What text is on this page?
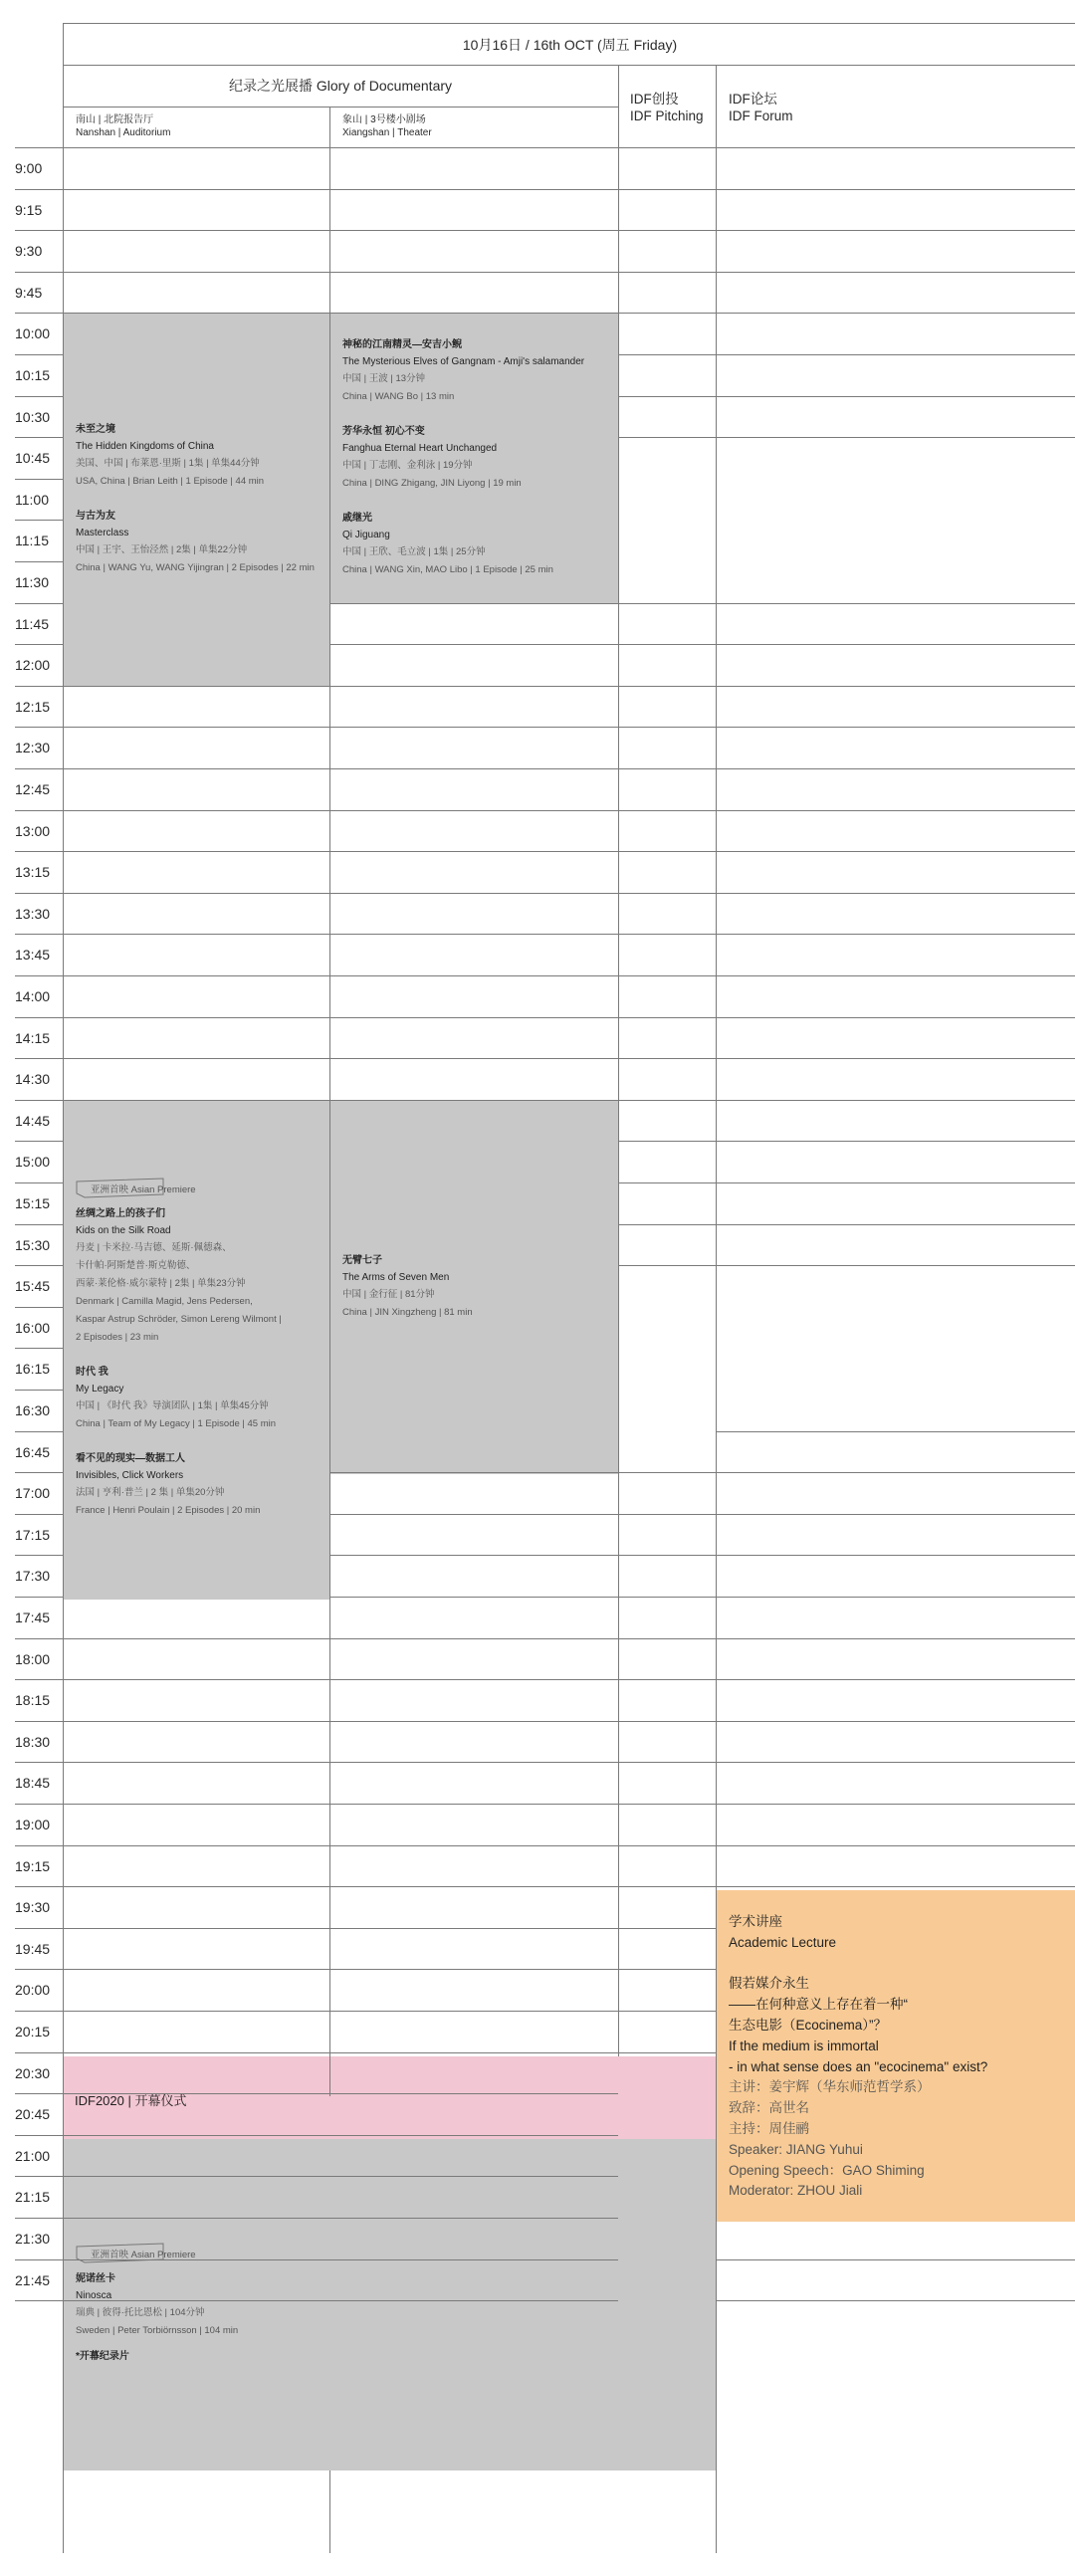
9:00
9:15
9:30
9:45
10:00
10:15
10:30
10:45
11:00
11:15
11:30
11:45
12:00
12:15
12:30
12:45
13:00
13:15
13:30
13:45
14:00
14:15
14:30
14:45
15:00
15:15
15:30
15:45
16:00
16:15
16:30
16:45
17:00
17:15
17:30
17:45
18:00
18:15
18:30
18:45
19:00
19:15
19:30
19:45
20:00
20:15
20:30
20:45
21:00
21:15
21:30
21:45
10月16日 / 16th OCT (周五 Friday)
纪录之光展播 Glory of Documentary
南山 | 北院报告厅
Nanshan | Auditorium
象山 | 3号楼小剧场
Xiangshan | Theater
IDF创投
IDF Pitching
IDF论坛
IDF Forum
未至之境
The Hidden Kingdoms of China
美国、中国 | 布莱恩·里斯 | 1集 | 单集44分钟
USA, China | Brian Leith | 1 Episode | 44 min
与古为友
Masterclass
中国 | 王宇、王怡泾然 | 2集 | 单集22分钟
China | WANG Yu, WANG Yijingran | 2 Episodes | 22 min
神秘的江南精灵—安吉小鲵
The Mysterious Elves of Gangnam - Amji's salamander
中国 | 王波 | 13分钟
China | WANG Bo | 13 min
芳华永恒 初心不变
Fanghua Eternal Heart Unchanged
中国 | 丁志刚、金利泳 | 19分钟
China | DING Zhigang, JIN Liyong | 19 min
戚继光
Qi Jiguang
中国 | 王欣、毛立波 | 1集 | 25分钟
China | WANG Xin, MAO Libo | 1 Episode | 25 min
亚洲首映 Asian Premiere
丝绸之路上的孩子们
Kids on the Silk Road
丹麦 | 卡米拉·马吉德、延斯·佩德森、
卡什帕·阿斯楚普·斯克勒德、
西蒙·莱伦格·威尔蒙特 | 2集 | 单集23分钟
Denmark | Camilla Magid, Jens Pedersen,
Kaspar Astrup Schröder, Simon Lereng Wilmont |
2 Episodes | 23 min
时代 我
My Legacy
中国 | 《时代 我》导演团队 | 1集 | 单集45分钟
China | Team of My Legacy | 1 Episode | 45 min
看不见的现实—数据工人
Invisibles, Click Workers
法国 | 亨利·普兰 | 2 集 | 单集20分钟
France | Henri Poulain | 2 Episodes | 20 min
无臂七子
The Arms of Seven Men
中国 | 金行征 | 81分钟
China | JIN Xingzheng | 81 min
IDF2020 | 开幕仪式
亚洲首映 Asian Premiere
妮诺丝卡
Ninosca
瑞典 | 彼得·托比恩松 | 104分钟
Sweden | Peter Torbiörnsson | 104 min
*开幕纪录片
学术讲座
Academic Lecture
假若媒介永生
——在何种意义上存在着一种“
生态电影（Ecocinema）”？
If the medium is immortal
- in what sense does an "ecocinema" exist?
主讲：姜宇辉（华东师范哲学系）
致辞：高世名
主持：周佳鹂
Speaker: JIANG Yuhui
Opening Speech：GAO Shiming
Moderator: ZHOU Jiali
